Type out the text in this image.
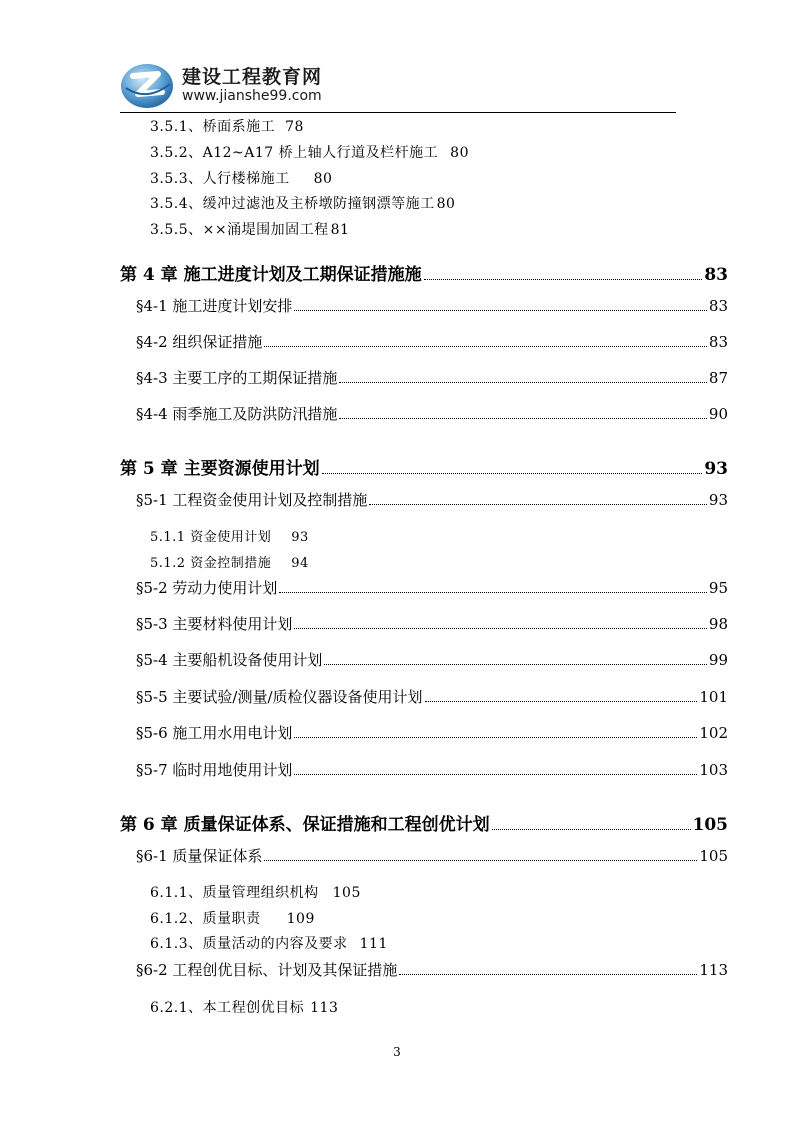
建设工程教育网
www.jianshe99.com
3.5.1、桥面系施工 78
3.5.2、A12~A17 桥上轴人行道及栏杆施工 80
3.5.3、人行楼梯施工 80
3.5.4、缓冲过滤池及主桥墩防撞钢漂等施工 80
3.5.5、××涌堤围加固工程 81
第 4 章 施工进度计划及工期保证措施施	83
§4-1 施工进度计划安排	83
§4-2 组织保证措施	83
§4-3 主要工序的工期保证措施	87
§4-4 雨季施工及防洪防汛措施	90
第 5 章 主要资源使用计划	93
§5-1 工程资金使用计划及控制措施	93
5.1.1 资金使用计划 93
5.1.2 资金控制措施 94
§5-2 劳动力使用计划	95
§5-3 主要材料使用计划	98
§5-4 主要船机设备使用计划	99
§5-5 主要试验/测量/质检仪器设备使用计划	101
§5-6 施工用水用电计划	102
§5-7 临时用地使用计划	103
第 6 章 质量保证体系、保证措施和工程创优计划	105
§6-1 质量保证体系	105
6.1.1、质量管理组织机构 105
6.1.2、质量职责 109
6.1.3、质量活动的内容及要求 111
§6-2 工程创优目标、计划及其保证措施	113
6.2.1、本工程创优目标 113
3
